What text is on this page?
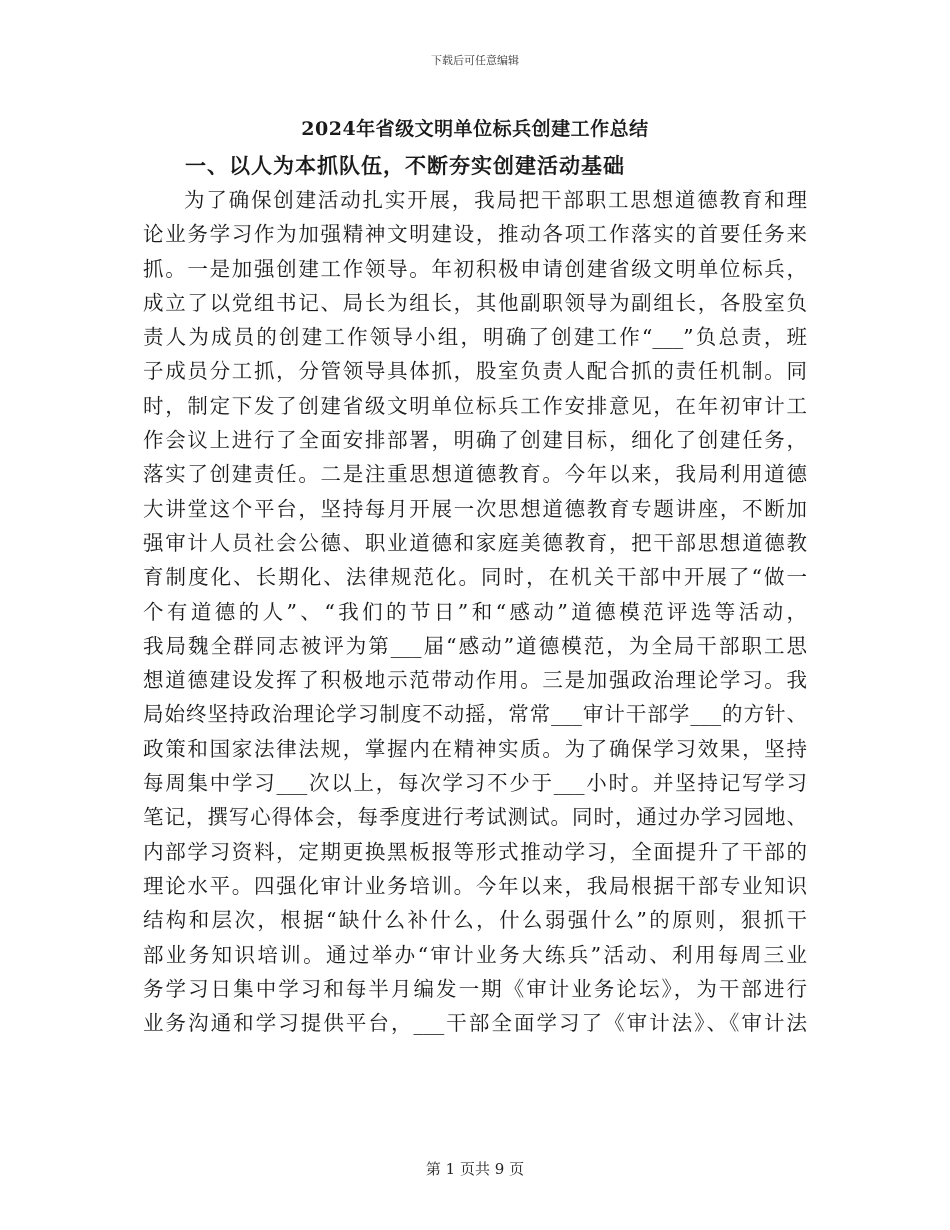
下载后可任意编辑
2024年省级文明单位标兵创建工作总结
一、以人为本抓队伍，不断夯实创建活动基础
为了确保创建活动扎实开展，我局把干部职工思想道德教育和理
论业务学习作为加强精神文明建设，推动各项工作落实的首要任务来
抓。一是加强创建工作领导。年初积极申请创建省级文明单位标兵，
成立了以党组书记、局长为组长，其他副职领导为副组长，各股室负
责人为成员的创建工作领导小组，明确了创建工作“___”负总责，班
子成员分工抓，分管领导具体抓，股室负责人配合抓的责任机制。同
时，制定下发了创建省级文明单位标兵工作安排意见，在年初审计工
作会议上进行了全面安排部署，明确了创建目标，细化了创建任务，
落实了创建责任。二是注重思想道德教育。今年以来，我局利用道德
大讲堂这个平台，坚持每月开展一次思想道德教育专题讲座，不断加
强审计人员社会公德、职业道德和家庭美德教育，把干部思想道德教
育制度化、长期化、法律规范化。同时，在机关干部中开展了“做一
个有道德的人”、“我们的节日”和“感动”道德模范评选等活动，
我局魏全群同志被评为第___届“感动”道德模范，为全局干部职工思
想道德建设发挥了积极地示范带动作用。三是加强政治理论学习。我
局始终坚持政治理论学习制度不动摇，常常___审计干部学___的方针、
政策和国家法律法规，掌握内在精神实质。为了确保学习效果，坚持
每周集中学习___次以上，每次学习不少于___小时。并坚持记写学习
笔记，撰写心得体会，每季度进行考试测试。同时，通过办学习园地、
内部学习资料，定期更换黑板报等形式推动学习，全面提升了干部的
理论水平。四强化审计业务培训。今年以来，我局根据干部专业知识
结构和层次，根据“缺什么补什么，什么弱强什么”的原则，狠抓干
部业务知识培训。通过举办“审计业务大练兵”活动、利用每周三业
务学习日集中学习和每半月编发一期《审计业务论坛》，为干部进行
业务沟通和学习提供平台，___干部全面学习了《审计法》、《审计法
第 1 页共 9 页
